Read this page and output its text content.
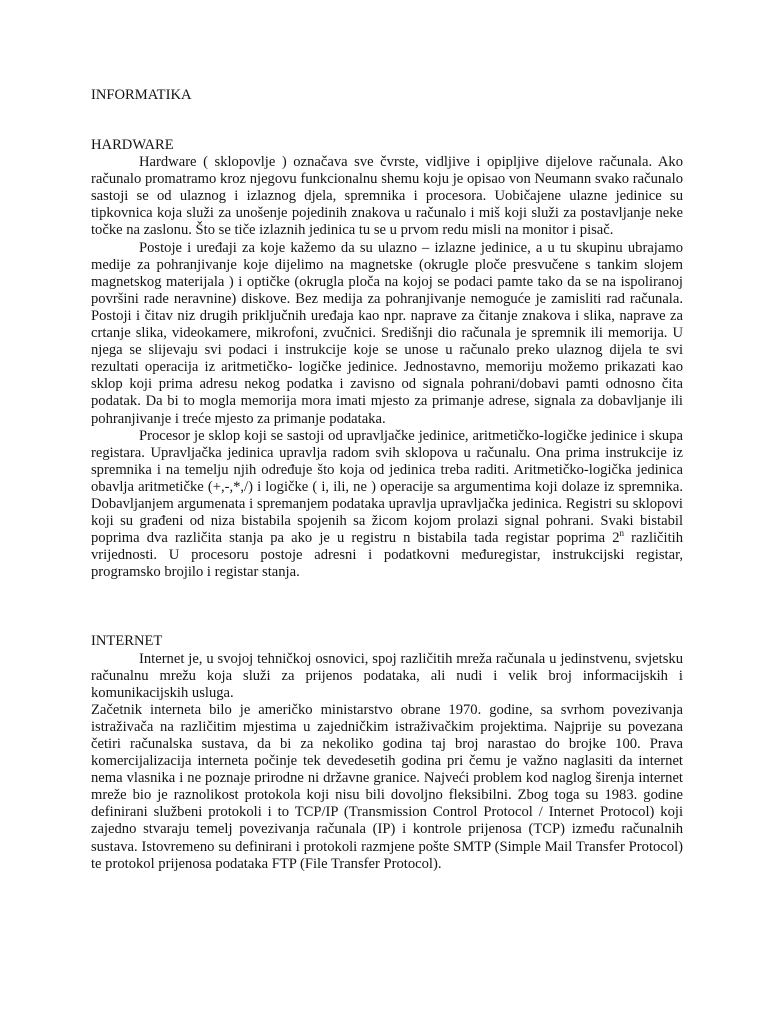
INFORMATIKA
HARDWARE

Hardware ( sklopovlje ) označava sve čvrste, vidljive i opipljive dijelove računala. Ako računalo promatramo kroz njegovu funkcionalnu shemu koju je opisao von Neumann svako računalo sastoji se od ulaznog i izlaznog djela, spremnika i procesora. Uobičajene ulazne jedinice su tipkovnica koja služi za unošenje pojedinih znakova u računalo i miš koji služi za postavljanje neke točke na zaslonu. Što se tiče izlaznih jedinica tu se u prvom redu misli na monitor i pisač.

Postoje i uređaji za koje kažemo da su ulazno – izlazne jedinice, a u tu skupinu ubrajamo medije za pohranjivanje koje dijelimo na magnetske (okrugle ploče presvučene s tankim slojem magnetskog materijala ) i optičke (okrugla ploča na kojoj se podaci pamte tako da se na ispoliranoj površini rade neravnine) diskove. Bez medija za pohranjivanje nemoguće je zamisliti rad računala. Postoji i čitav niz drugih priključnih uređaja kao npr. naprave za čitanje znakova i slika, naprave za crtanje slika, videokamere, mikrofoni, zvučnici. Središnji dio računala je spremnik ili memorija. U njega se slijevaju svi podaci i instrukcije koje se unose u računalo preko ulaznog dijela te svi rezultati operacija iz aritmetičko- logičke jedinice. Jednostavno, memoriju možemo prikazati kao sklop koji prima adresu nekog podatka i zavisno od signala pohrani/dobavi pamti odnosno čita podatak. Da bi to mogla memorija mora imati mjesto za primanje adrese, signala za dobavljanje ili pohranjivanje i treće mjesto za primanje podataka.

Procesor je sklop koji se sastoji od upravljačke jedinice, aritmetičko-logičke jedinice i skupa registara. Upravljačka jedinica upravlja radom svih sklopova u računalu. Ona prima instrukcije iz spremnika i na temelju njih određuje što koja od jedinica treba raditi. Aritmetičko-logička jedinica obavlja aritmetičke (+,-,*,/) i logičke ( i, ili, ne ) operacije sa argumentima koji dolaze iz spremnika. Dobavljanjem argumenata i spremanjem podataka upravlja upravljačka jedinica. Registri su sklopovi koji su građeni od niza bistabila spojenih sa žicom kojom prolazi signal pohrani. Svaki bistabil poprima dva različita stanja pa ako je u registru n bistabila tada registar poprima 2$^n$ različitih vrijednosti. U procesoru postoje adresni i podatkovni međuregistar, instrukcijski registar, programsko brojilo i registar stanja.

INTERNET

Internet je, u svojoj tehničkoj osnovici, spoj različitih mreža računala u jedinstvenu, svjetsku računalnu mrežu koja služi za prijenos podataka, ali nudi i velik broj informacijskih i komunikacijskih usluga.

Začetnik interneta bilo je američko ministarstvo obrane 1970. godine, sa svrhom povezivanja istraživača na različitim mjestima u zajedničkim istraživačkim projektima. Najprije su povezana četiri računalska sustava, da bi za nekoliko godina taj broj narastao do brojke 100. Prava komercijalizacija interneta počinje tek devedesetih godina pri čemu je važno naglasiti da internet nema vlasnika i ne poznaje prirodne ni državne granice. Najveći problem kod naglog širenja internet mreže bio je raznolikost protokola koji nisu bili dovoljno fleksibilni. Zbog toga su 1983. godine definirani službeni protokoli i to TCP/IP (Transmission Control Protocol / Internet Protocol) koji zajedno stvaraju temelj povezivanja računala (IP) i kontrole prijenosa (TCP) između računalnih sustava. Istovremeno su definirani i protokoli razmjene pošte SMTP (Simple Mail Transfer Protocol) te protokol prijenosa podataka FTP (File Transfer Protocol).
